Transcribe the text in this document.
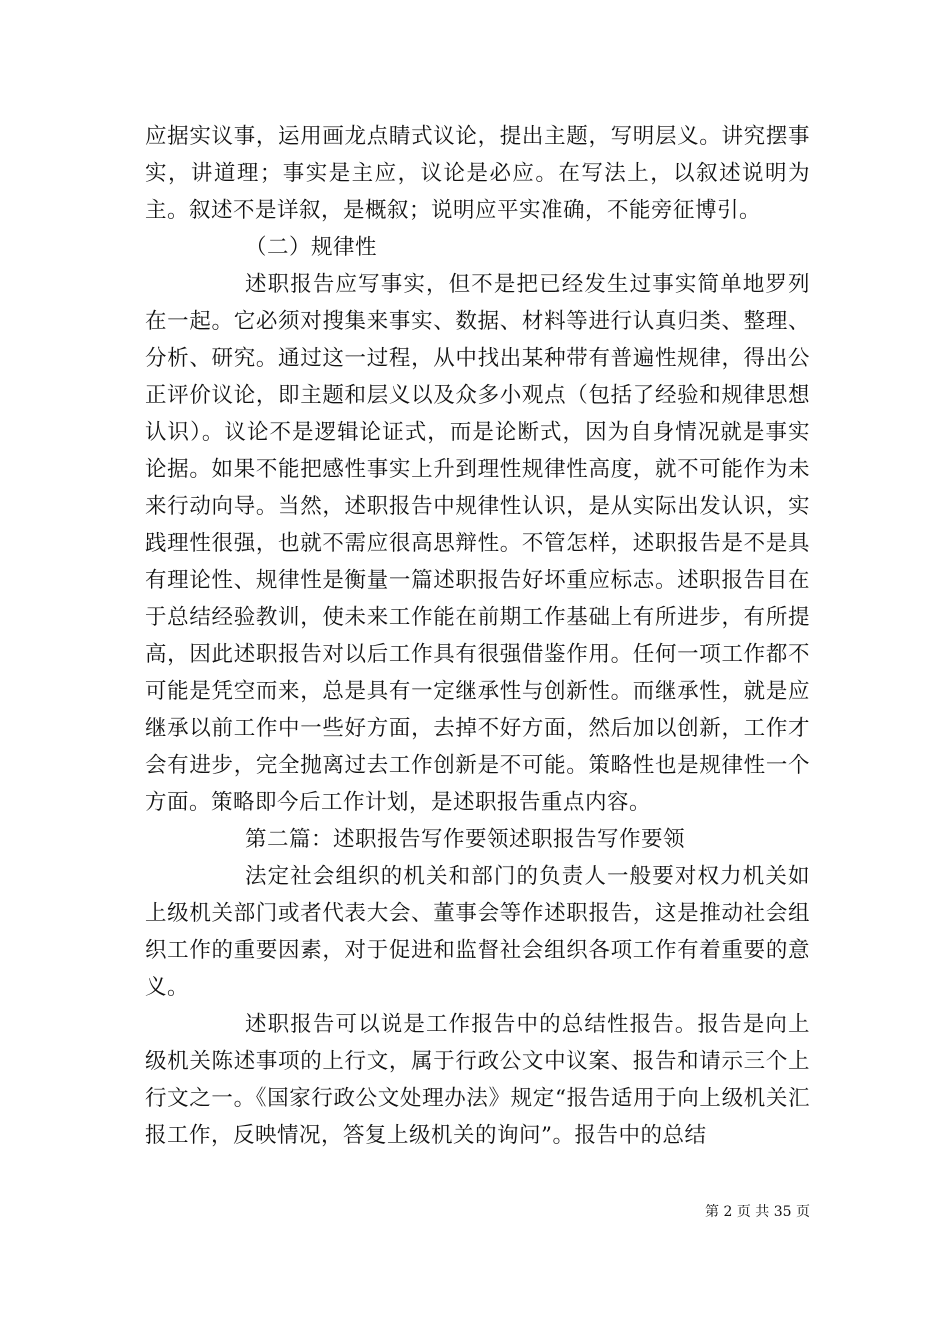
应据实议事，运用画龙点睛式议论，提出主题，写明层义。讲究摆事实，讲道理；事实是主应，议论是必应。在写法上，以叙述说明为主。叙述不是详叙，是概叙；说明应平实准确，不能旁征博引。

（二）规律性

述职报告应写事实，但不是把已经发生过事实简单地罗列在一起。它必须对搜集来事实、数据、材料等进行认真归类、整理、分析、研究。通过这一过程，从中找出某种带有普遍性规律，得出公正评价议论，即主题和层义以及众多小观点（包括了经验和规律思想认识）。议论不是逻辑论证式，而是论断式，因为自身情况就是事实论据。如果不能把感性事实上升到理性规律性高度，就不可能作为未来行动向导。当然，述职报告中规律性认识，是从实际出发认识，实践理性很强，也就不需应很高思辩性。不管怎样，述职报告是不是具有理论性、规律性是衡量一篇述职报告好坏重应标志。述职报告目在于总结经验教训，使未来工作能在前期工作基础上有所进步，有所提高，因此述职报告对以后工作具有很强借鉴作用。任何一项工作都不可能是凭空而来，总是具有一定继承性与创新性。而继承性，就是应继承以前工作中一些好方面，去掉不好方面，然后加以创新，工作才会有进步，完全抛离过去工作创新是不可能。策略性也是规律性一个方面。策略即今后工作计划，是述职报告重点内容。

第二篇：述职报告写作要领述职报告写作要领

法定社会组织的机关和部门的负责人一般要对权力机关如上级机关部门或者代表大会、董事会等作述职报告，这是推动社会组织工作的重要因素，对于促进和监督社会组织各项工作有着重要的意义。

述职报告可以说是工作报告中的总结性报告。报告是向上级机关陈述事项的上行文，属于行政公文中议案、报告和请示三个上行文之一。《国家行政公文处理办法》规定“报告适用于向上级机关汇报工作，反映情况，答复上级机关的询问”。报告中的总结

第 2 页 共 35 页
